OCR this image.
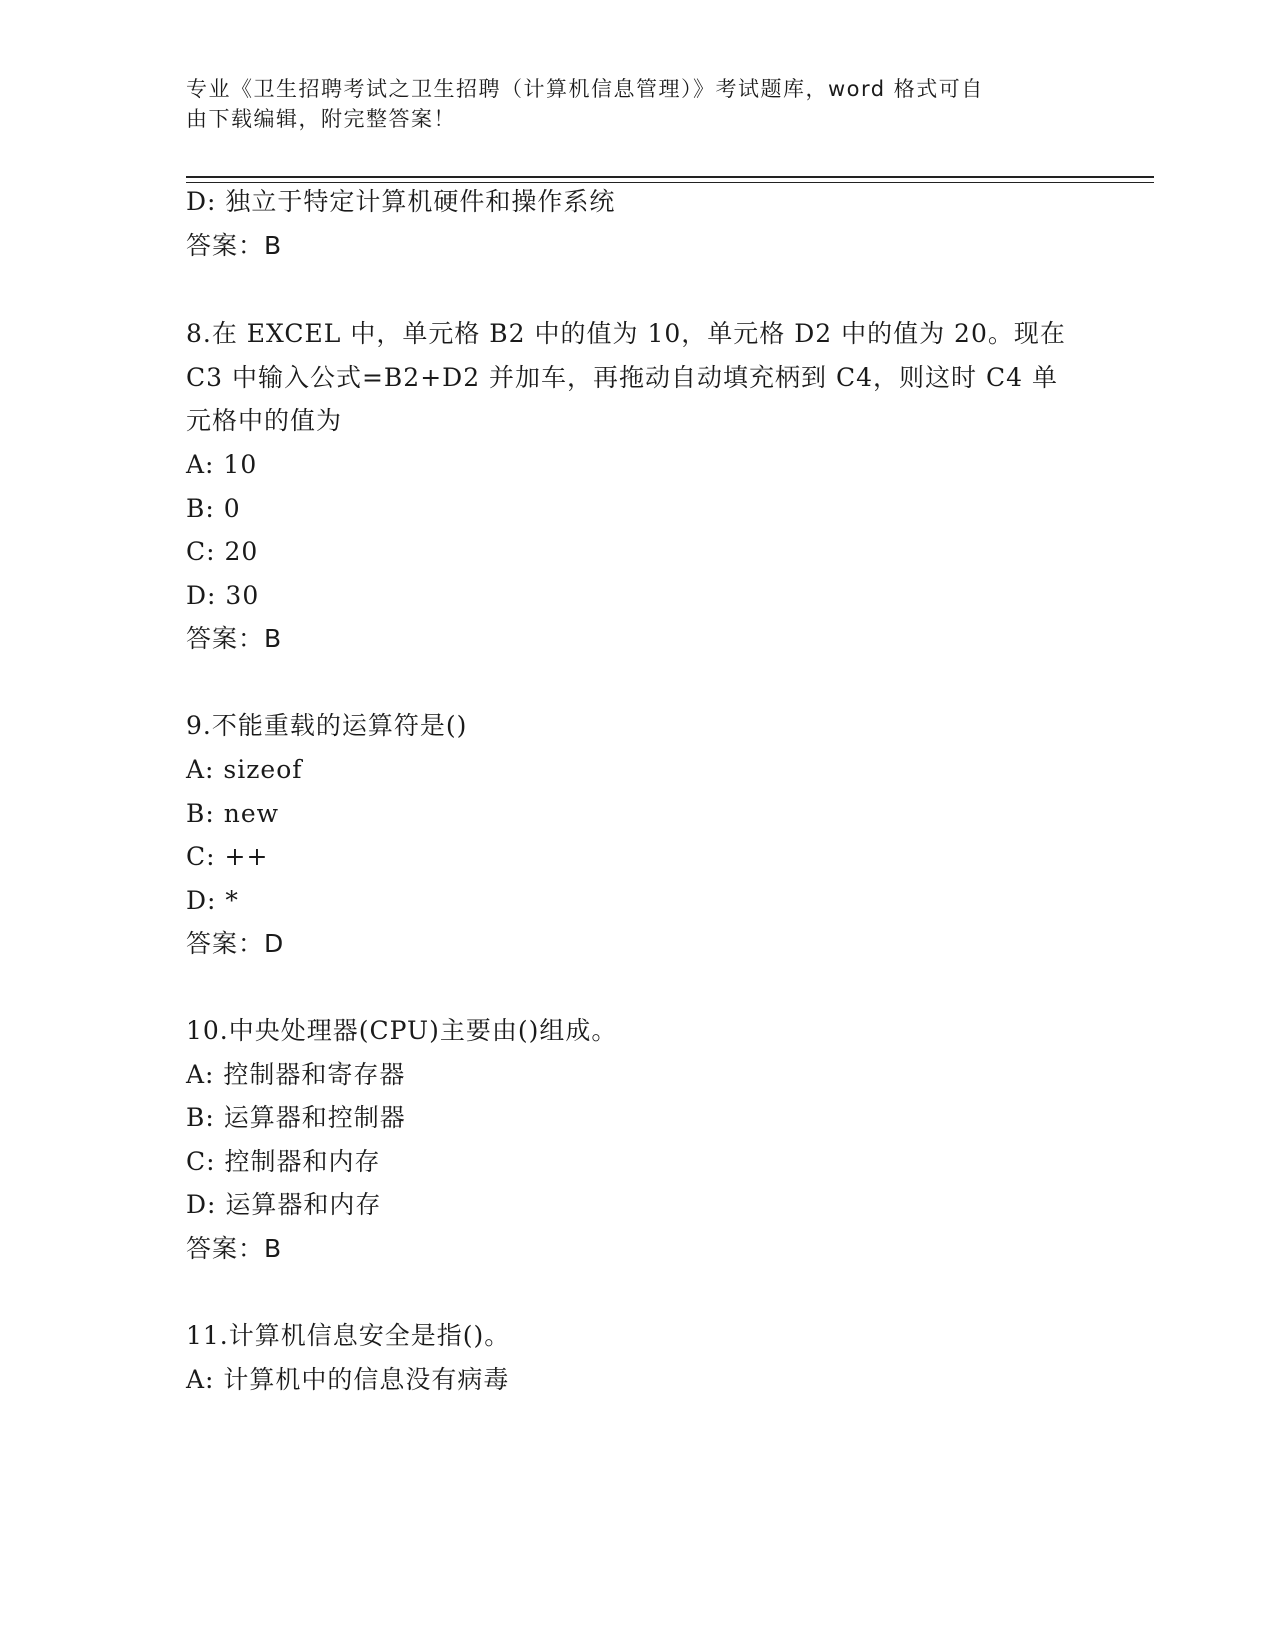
专业《卫生招聘考试之卫生招聘（计算机信息管理）》考试题库，word 格式可自
由下载编辑，附完整答案！
D: 独立于特定计算机硬件和操作系统
答案：B
8.在 EXCEL 中，单元格 B2 中的值为 10，单元格 D2 中的值为 20。现在
C3 中输入公式=B2+D2 并加车，再拖动自动填充柄到 C4，则这时 C4 单
元格中的值为
A: 10
B: 0
C: 20
D: 30
答案：B
9.不能重载的运算符是()
A: sizeof
B: new
C: ++
D: *
答案：D
10.中央处理器(CPU)主要由()组成。
A: 控制器和寄存器
B: 运算器和控制器
C: 控制器和内存
D: 运算器和内存
答案：B
11.计算机信息安全是指()。
A: 计算机中的信息没有病毒
